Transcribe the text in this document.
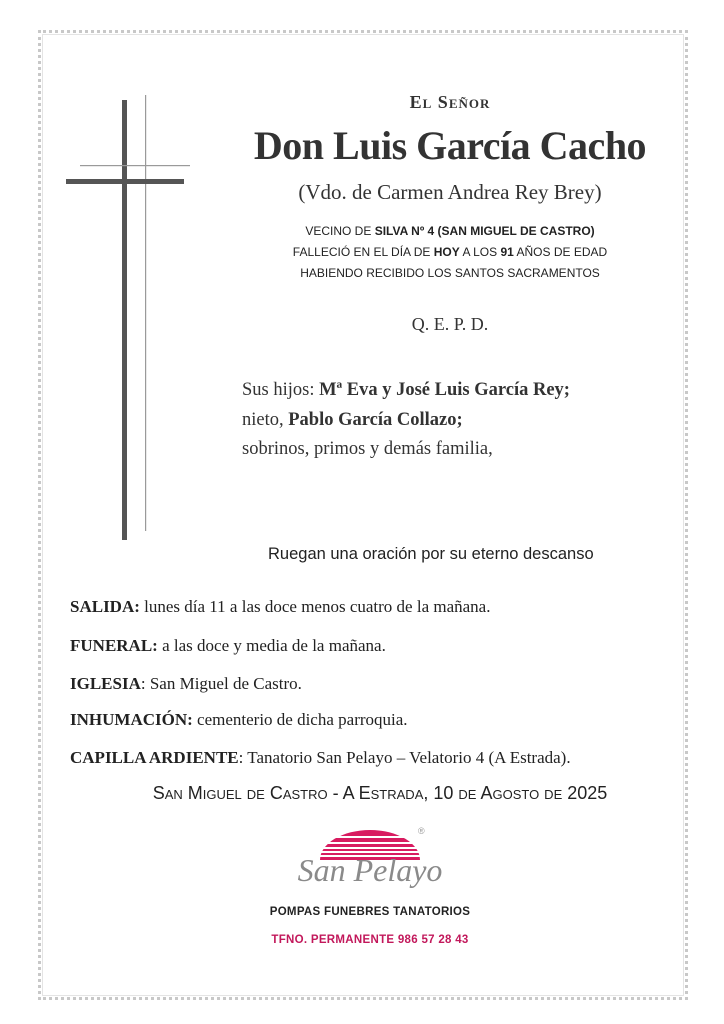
El Señor
Don Luis García Cacho
(Vdo. de Carmen Andrea Rey Brey)
VECINO DE SILVA Nº 4 (SAN MIGUEL DE CASTRO)
FALLECIÓ EN EL DÍA DE HOY A LOS 91 AÑOS DE EDAD
HABIENDO RECIBIDO LOS SANTOS SACRAMENTOS
Q. E. P. D.
Sus hijos: Mª Eva y José Luis García Rey;
nieto, Pablo García Collazo;
sobrinos, primos y demás familia,
Ruegan una oración por su eterno descanso
SALIDA: lunes día 11 a las doce menos cuatro de la mañana.
FUNERAL: a las doce y media de la mañana.
IGLESIA: San Miguel de Castro.
INHUMACIÓN: cementerio de dicha parroquia.
CAPILLA ARDIENTE: Tanatorio San Pelayo – Velatorio 4 (A Estrada).
San Miguel de Castro - A Estrada, 10 de Agosto de 2025
®
San Pelayo
POMPAS FUNEBRES TANATORIOS
TFNO. PERMANENTE 986 57 28 43
